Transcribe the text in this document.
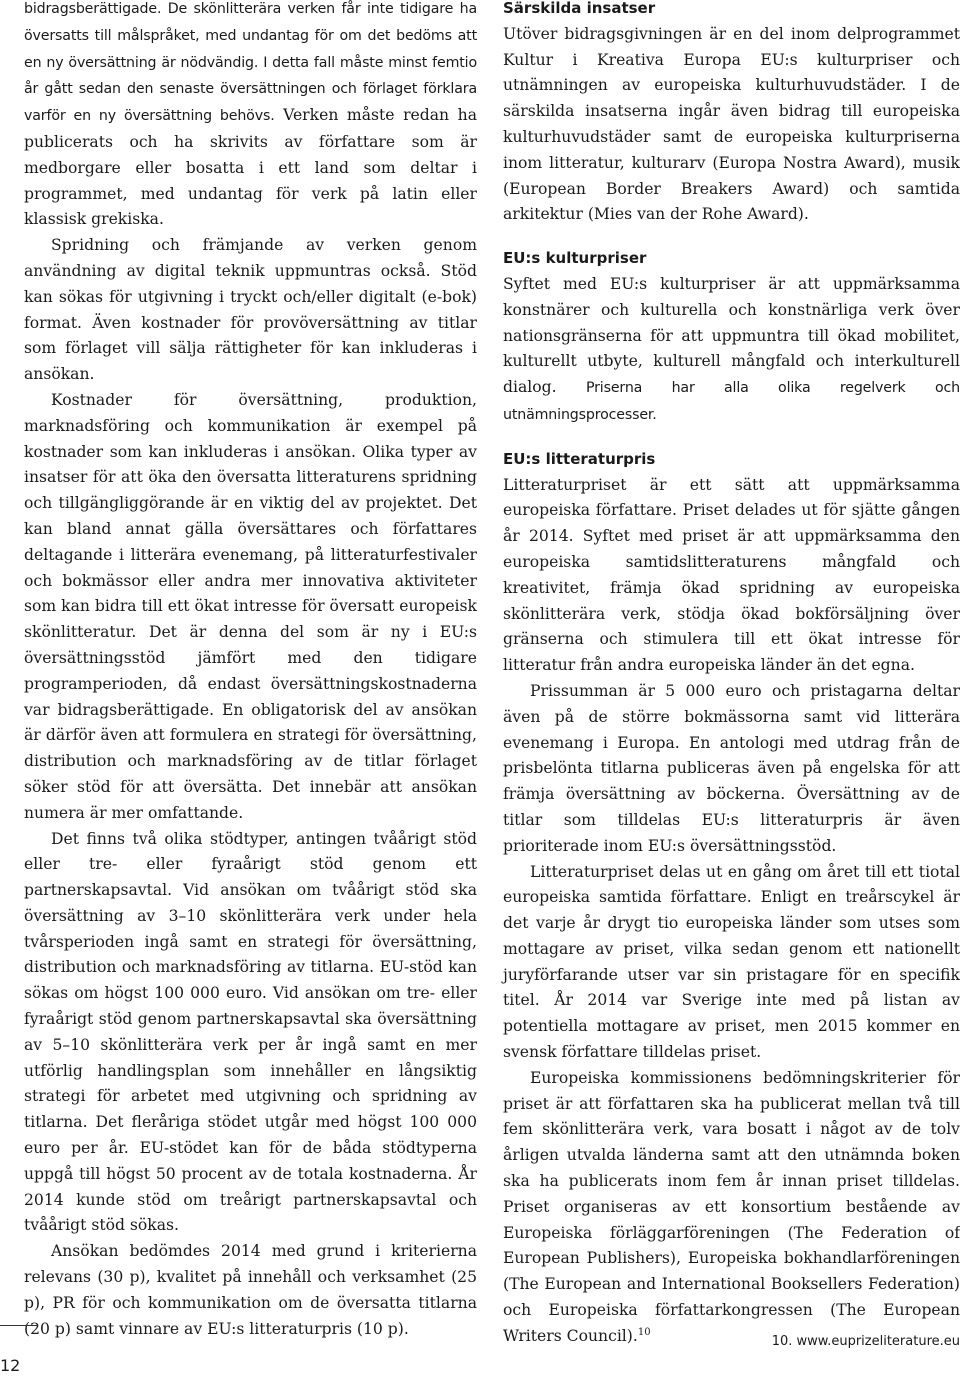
bidragsberättigade. De skönlitterära verken får inte tidigare ha översatts till målspråket, med undantag för om det bedöms att en ny översättning är nödvändig. I detta fall måste minst femtio år gått sedan den senaste översättningen och förlaget förklara varför en ny översättning behövs. Verken måste redan ha publicerats och ha skrivits av författare som är medborgare eller bosatta i ett land som deltar i programmet, med undantag för verk på latin eller klassisk grekiska.

Spridning och främjande av verken genom användning av digital teknik uppmuntras också. Stöd kan sökas för utgivning i tryckt och/eller digitalt (e-bok) format. Även kostnader för provöversättning av titlar som förlaget vill sälja rättigheter för kan inkluderas i ansökan.

Kostnader för översättning, produktion, marknadsföring och kommunikation är exempel på kostnader som kan inkluderas i ansökan. Olika typer av insatser för att öka den översatta litteraturens spridning och tillgängliggörande är en viktig del av projektet. Det kan bland annat gälla översättares och författares deltagande i litterära evenemang, på litteraturfestivaler och bokmässor eller andra mer innovativa aktiviteter som kan bidra till ett ökat intresse för översatt europeisk skönlitteratur. Det är denna del som är ny i EU:s översättningsstöd jämfört med den tidigare programperioden, då endast översättningskostnaderna var bidragsberättigade. En obligatorisk del av ansökan är därför även att formulera en strategi för översättning, distribution och marknadsföring av de titlar förlaget söker stöd för att översätta. Det innebär att ansökan numera är mer omfattande.

Det finns två olika stödtyper, antingen tvåårigt stöd eller tre- eller fyraårigt stöd genom ett partnerskapsavtal. Vid ansökan om tvåårigt stöd ska översättning av 3–10 skönlitterära verk under hela tvårsperioden ingå samt en strategi för översättning, distribution och marknadsföring av titlarna. EU-stöd kan sökas om högst 100 000 euro. Vid ansökan om tre- eller fyraårigt stöd genom partnerskapsavtal ska översättning av 5–10 skönlitterära verk per år ingå samt en mer utförlig handlingsplan som innehåller en långsiktig strategi för arbetet med utgivning och spridning av titlarna. Det fleråriga stödet utgår med högst 100 000 euro per år. EU-stödet kan för de båda stödtyperna uppgå till högst 50 procent av de totala kostnaderna. År 2014 kunde stöd om treårigt partnerskapsavtal och tvåårigt stöd sökas.

Ansökan bedömdes 2014 med grund i kriterierna relevans (30 p), kvalitet på innehåll och verksamhet (25 p), PR för och kommunikation om de översatta titlarna (20 p) samt vinnare av EU:s litteraturpris (10 p).

Särskilda insatser

Utöver bidragsgivningen är en del inom delprogrammet Kultur i Kreativa Europa EU:s kulturpriser och utnämningen av europeiska kulturhuvudstäder. I de särskilda insatserna ingår även bidrag till europeiska kulturhuvudstäder samt de europeiska kulturpriserna inom litteratur, kulturarv (Europa Nostra Award), musik (European Border Breakers Award) och samtida arkitektur (Mies van der Rohe Award).

EU:s kulturpriser

Syftet med EU:s kulturpriser är att uppmärksamma konstnärer och kulturella och konstnärliga verk över nationsgränserna för att uppmuntra till ökad mobilitet, kulturellt utbyte, kulturell mångfald och interkulturell dialog. Priserna har alla olika regelverk och utnämningsprocesser.

EU:s litteraturpris

Litteraturpriset är ett sätt att uppmärksamma europeiska författare. Priset delades ut för sjätte gången år 2014. Syftet med priset är att uppmärksamma den europeiska samtidslitteraturens mångfald och kreativitet, främja ökad spridning av europeiska skönlitterära verk, stödja ökad bokförsäljning över gränserna och stimulera till ett ökat intresse för litteratur från andra europeiska länder än det egna.

Prissumman är 5 000 euro och pristagarna deltar även på de större bokmässorna samt vid litterära evenemang i Europa. En antologi med utdrag från de prisbelönta titlarna publiceras även på engelska för att främja översättning av böckerna. Översättning av de titlar som tilldelas EU:s litteraturpris är även prioriterade inom EU:s översättningsstöd.

Litteraturpriset delas ut en gång om året till ett tiotal europeiska samtida författare. Enligt en treårscykel är det varje år drygt tio europeiska länder som utses som mottagare av priset, vilka sedan genom ett nationellt juryförfarande utser var sin pristagare för en specifik titel. År 2014 var Sverige inte med på listan av potentiella mottagare av priset, men 2015 kommer en svensk författare tilldelas priset.

Europeiska kommissionens bedömningskriterier för priset är att författaren ska ha publicerat mellan två till fem skönlitterära verk, vara bosatt i något av de tolv årligen utvalda länderna samt att den utnämnda boken ska ha publicerats inom fem år innan priset tilldelas. Priset organiseras av ett konsortium bestående av Europeiska förläggarföreningen (The Federation of European Publishers), Europeiska bokhandlarföreningen (The European and International Booksellers Federation) och Europeiska författarkongressen (The European Writers Council).$^{10}$

12
10. www.euprizeliterature.eu
